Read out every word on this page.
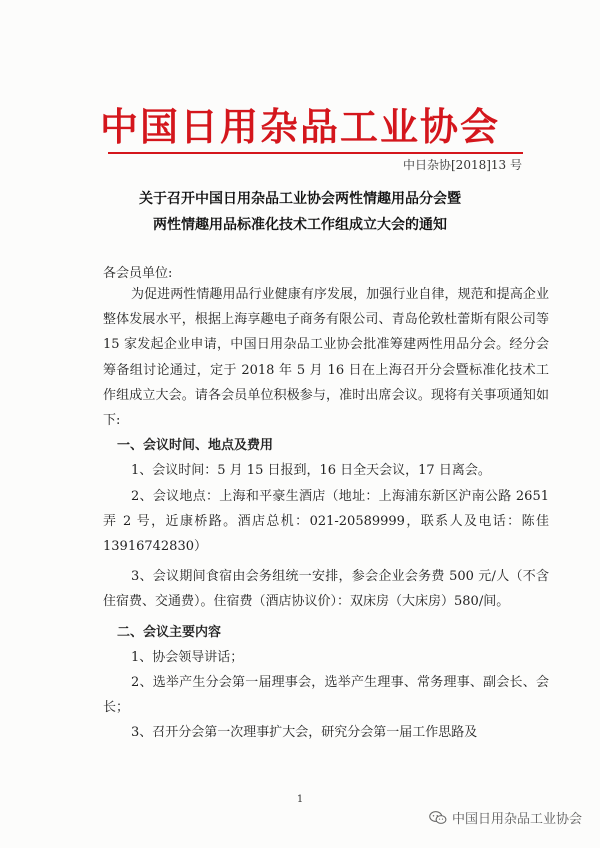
中国日用杂品工业协会
中日杂协[2018]13 号
关于召开中国日用杂品工业协会两性情趣用品分会暨
两性情趣用品标准化技术工作组成立大会的通知
各会员单位:

为促进两性情趣用品行业健康有序发展，加强行业自律，规范和提高企业整体发展水平，根据上海享趣电子商务有限公司、青岛伦敦杜蕾斯有限公司等 15 家发起企业申请，中国日用杂品工业协会批准筹建两性用品分会。经分会筹备组讨论通过，定于 2018 年 5 月 16 日在上海召开分会暨标准化技术工作组成立大会。请各会员单位积极参与，准时出席会议。现将有关事项通知如下:

一、会议时间、地点及费用

1、会议时间：5 月 15 日报到，16 日全天会议，17 日离会。

2、会议地点：上海和平豪生酒店（地址：上海浦东新区沪南公路 2651 弄 2 号，近康桥路。酒店总机：021-20589999，联系人及电话：陈佳 13916742830）

3、会议期间食宿由会务组统一安排，参会企业会务费 500 元/人（不含住宿费、交通费）。住宿费（酒店协议价）：双床房（大床房）580/间。

二、会议主要内容

1、协会领导讲话；

2、选举产生分会第一届理事会，选举产生理事、常务理事、副会长、会长；

3、召开分会第一次理事扩大会，研究分会第一届工作思路及

1
中国日用杂品工业协会
